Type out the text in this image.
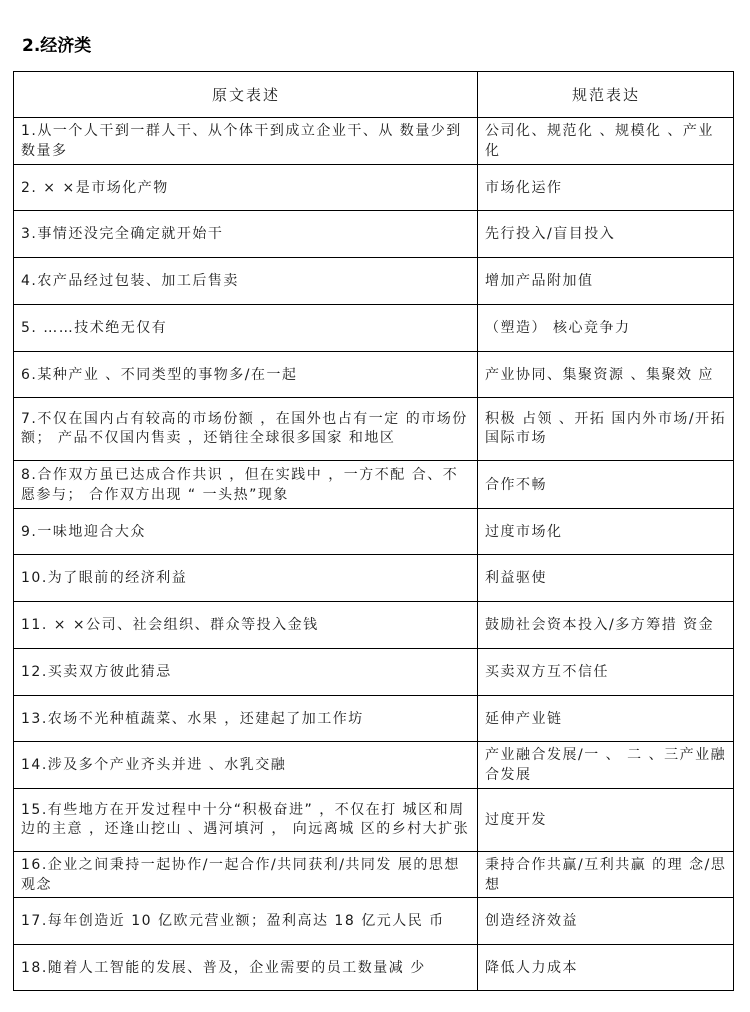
2.经济类
原文表述	规范表达
1.从一个人干到一群人干、从个体干到成立企业干、从 数量少到数量多	公司化、规范化 、规模化 、产业化
2. × ×是市场化产物	市场化运作
3.事情还没完全确定就开始干	先行投入/盲目投入
4.农产品经过包装、加工后售卖	增加产品附加值
5. ……技术绝无仅有	（塑造） 核心竞争力
6.某种产业 、不同类型的事物多/在一起	产业协同、集聚资源 、集聚效 应
7.不仅在国内占有较高的市场份额 ，在国外也占有一定 的市场份额； 产品不仅国内售卖 ，还销往全球很多国家 和地区	积极 占领 、开拓 国内外市场/开拓国际市场
8.合作双方虽已达成合作共识 ，但在实践中 ，一方不配 合、不愿参与； 合作双方出现 “ 一头热”现象	合作不畅
9.一味地迎合大众	过度市场化
10.为了眼前的经济利益	利益驱使
11. × ×公司、社会组织、群众等投入金钱	鼓励社会资本投入/多方筹措 资金
12.买卖双方彼此猜忌	买卖双方互不信任
13.农场不光种植蔬菜、水果 ，还建起了加工作坊	延伸产业链
14.涉及多个产业齐头并进 、水乳交融	产业融合发展/一 、 二 、三产业融合发展
15.有些地方在开发过程中十分“积极奋进” ，不仅在打 城区和周边的主意 ，还逢山挖山 、遇河填河 ， 向远离城 区的乡村大扩张	过度开发
16.企业之间秉持一起协作/一起合作/共同获利/共同发 展的思想观念	秉持合作共赢/互利共赢 的理 念/思想
17.每年创造近 10 亿欧元营业额；盈利高达 18 亿元人民 币	创造经济效益
18.随着人工智能的发展、普及，企业需要的员工数量减 少	降低人力成本
